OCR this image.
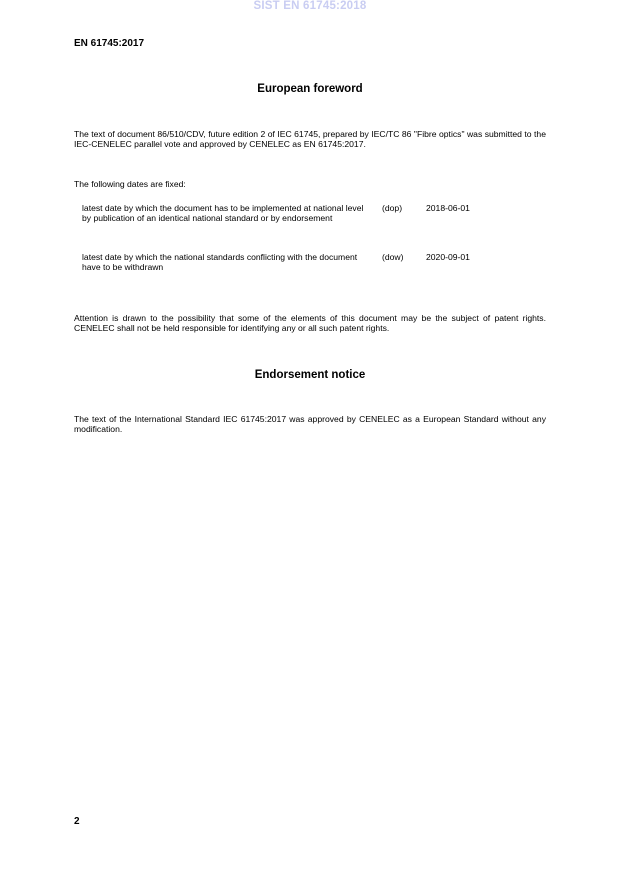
SIST EN 61745:2018
EN 61745:2017
European foreword

The text of document 86/510/CDV, future edition 2 of IEC 61745, prepared by IEC/TC 86 "Fibre optics" was submitted to the IEC-CENELEC parallel vote and approved by CENELEC as EN 61745:2017.

The following dates are fixed:

latest date by which the document has to be implemented at national level by publication of an identical national standard or by endorsement
(dop)	2018-06-01
latest date by which the national standards conflicting with the document have to be withdrawn
(dow)	2020-09-01

Attention is drawn to the possibility that some of the elements of this document may be the subject of patent rights. CENELEC shall not be held responsible for identifying any or all such patent rights.

Endorsement notice

The text of the International Standard IEC 61745:2017 was approved by CENELEC as a European Standard without any modification.

2
